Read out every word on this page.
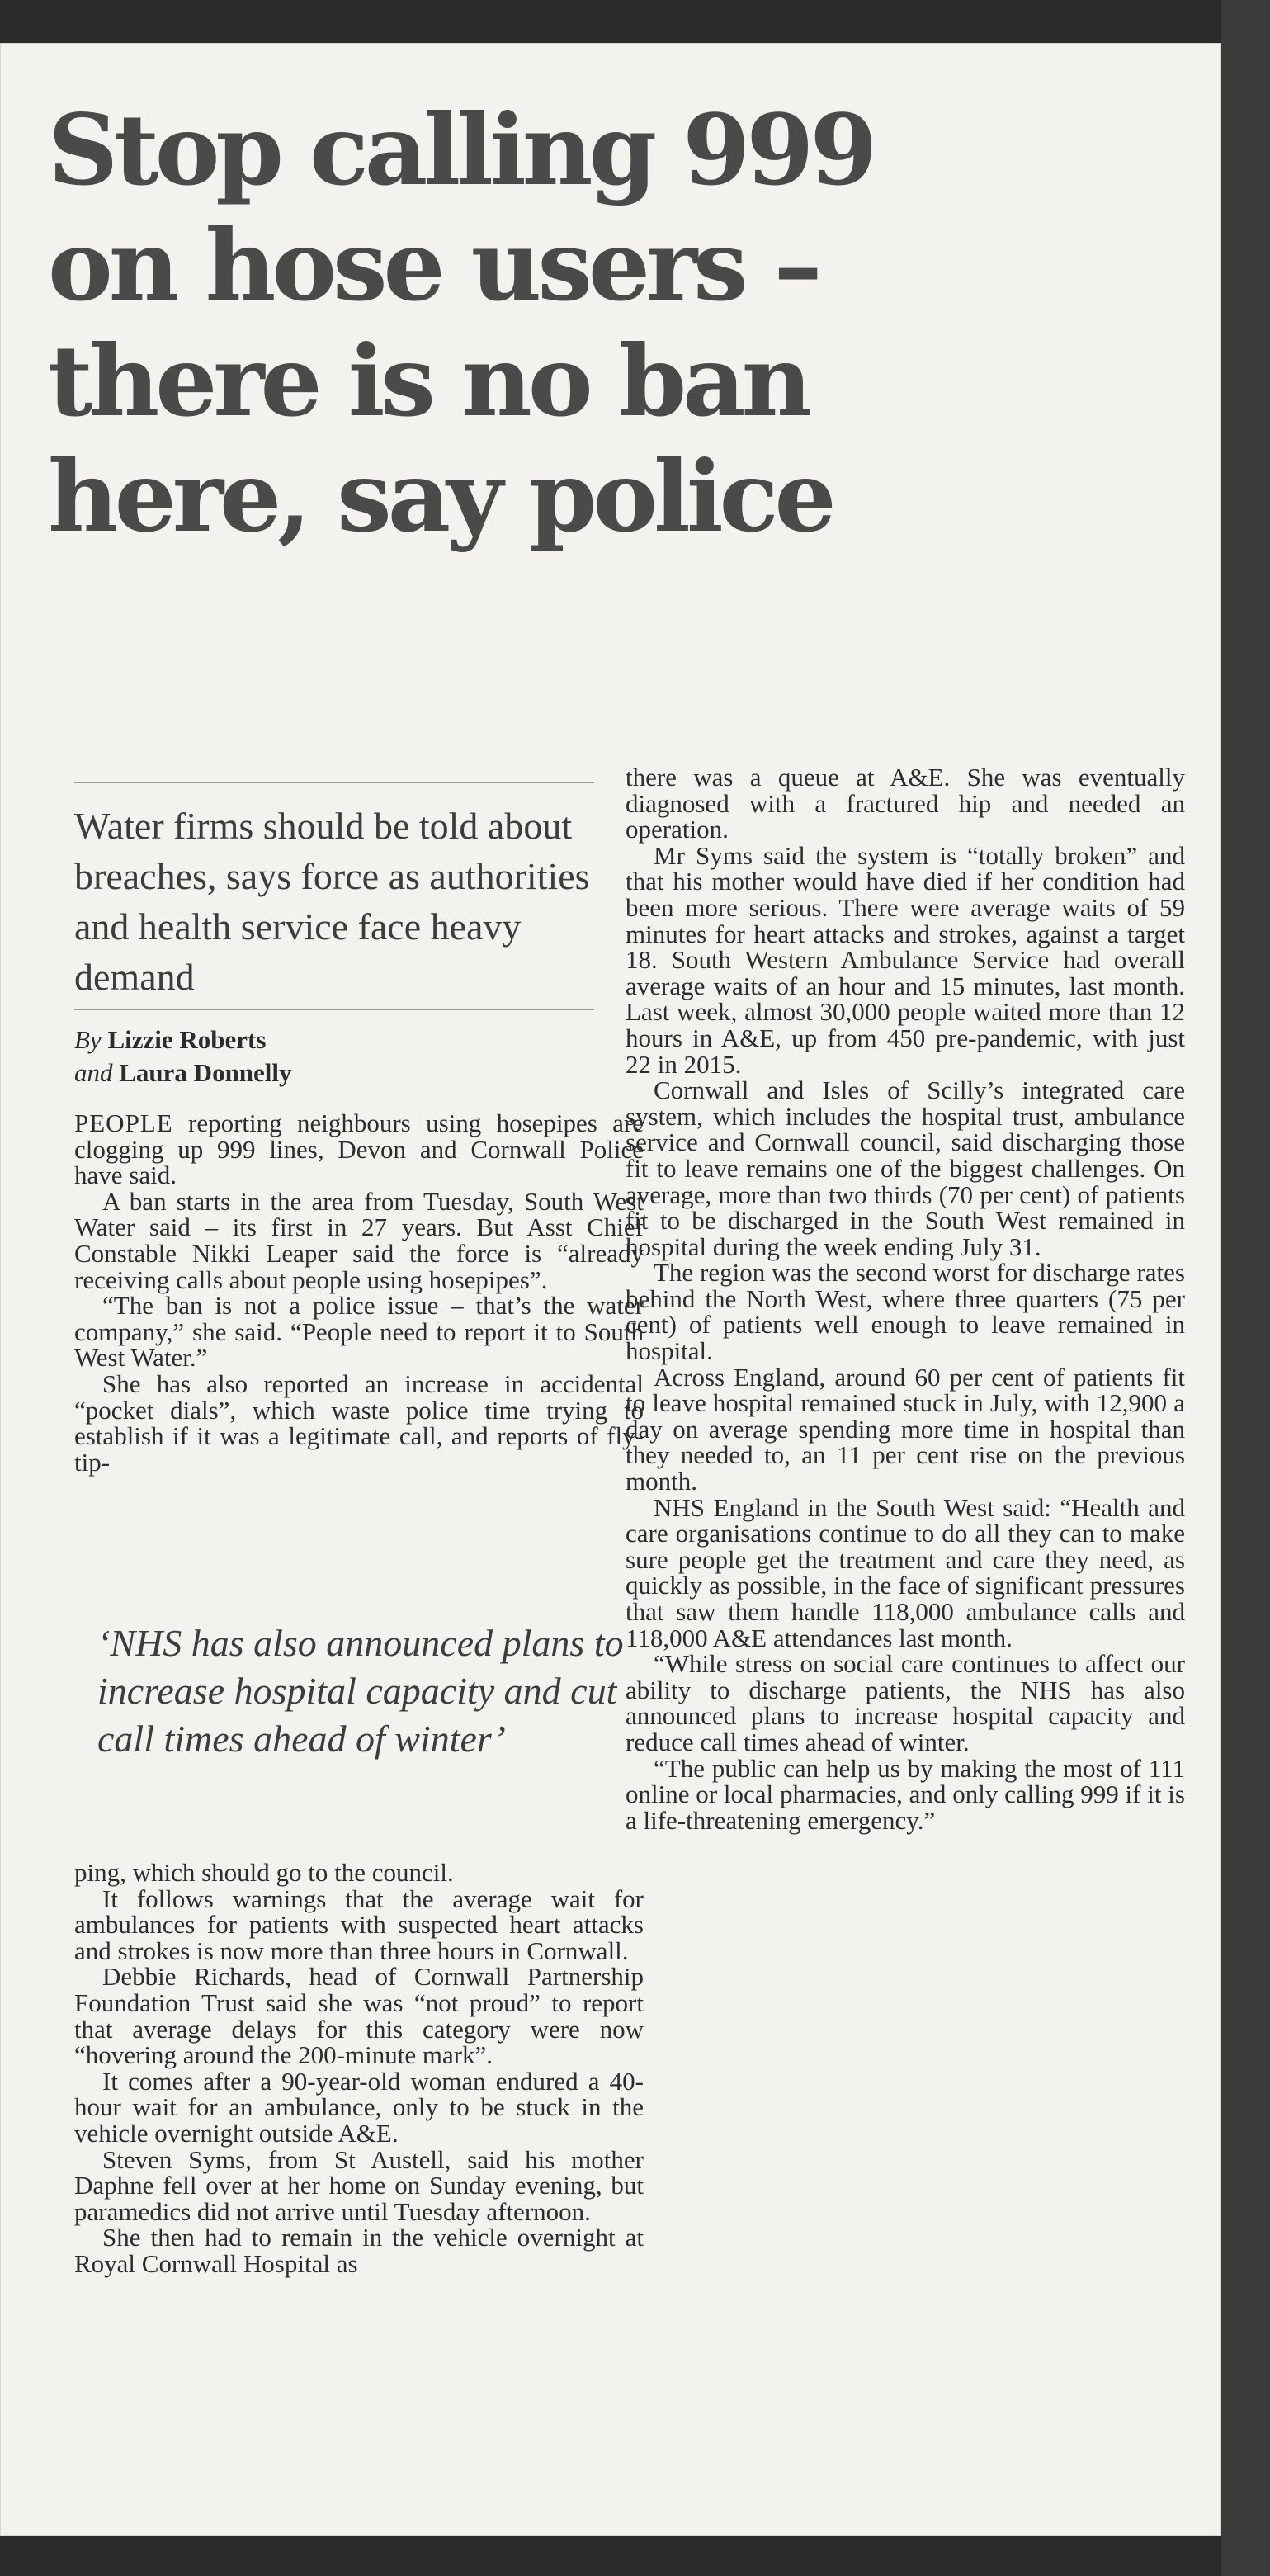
Stop calling 999
on hose users –
there is no ban
here, say police

Water firms should be told about breaches, says force as authorities and health service face heavy demand

By Lizzie Roberts
and Laura Donnelly

PEOPLE reporting neighbours using hosepipes are clogging up 999 lines, Devon and Cornwall Police have said.

A ban starts in the area from Tuesday, South West Water said – its first in 27 years. But Asst Chief Constable Nikki Leaper said the force is “already receiving calls about people using hosepipes”.

“The ban is not a police issue – that’s the water company,” she said. “People need to report it to South West Water.”

She has also reported an increase in accidental “pocket dials”, which waste police time trying to establish if it was a legitimate call, and reports of fly-tip-

‘NHS has also announced plans to increase hospital capacity and cut call times ahead of winter’

ping, which should go to the council.

It follows warnings that the average wait for ambulances for patients with suspected heart attacks and strokes is now more than three hours in Cornwall.

Debbie Richards, head of Cornwall Partnership Foundation Trust said she was “not proud” to report that average delays for this category were now “hovering around the 200-minute mark”.

It comes after a 90-year-old woman endured a 40-hour wait for an ambulance, only to be stuck in the vehicle overnight outside A&E.

Steven Syms, from St Austell, said his mother Daphne fell over at her home on Sunday evening, but paramedics did not arrive until Tuesday afternoon.

She then had to remain in the vehicle overnight at Royal Cornwall Hospital as

there was a queue at A&E. She was eventually diagnosed with a fractured hip and needed an operation.

Mr Syms said the system is “totally broken” and that his mother would have died if her condition had been more serious. There were average waits of 59 minutes for heart attacks and strokes, against a target 18. South Western Ambulance Service had overall average waits of an hour and 15 minutes, last month. Last week, almost 30,000 people waited more than 12 hours in A&E, up from 450 pre-pandemic, with just 22 in 2015.

Cornwall and Isles of Scilly’s integrated care system, which includes the hospital trust, ambulance service and Cornwall council, said discharging those fit to leave remains one of the biggest challenges. On average, more than two thirds (70 per cent) of patients fit to be discharged in the South West remained in hospital during the week ending July 31.

The region was the second worst for discharge rates behind the North West, where three quarters (75 per cent) of patients well enough to leave remained in hospital.

Across England, around 60 per cent of patients fit to leave hospital remained stuck in July, with 12,900 a day on average spending more time in hospital than they needed to, an 11 per cent rise on the previous month.

NHS England in the South West said: “Health and care organisations continue to do all they can to make sure people get the treatment and care they need, as quickly as possible, in the face of significant pressures that saw them handle 118,000 ambulance calls and 118,000 A&E attendances last month.

“While stress on social care continues to affect our ability to discharge patients, the NHS has also announced plans to increase hospital capacity and reduce call times ahead of winter.

“The public can help us by making the most of 111 online or local pharmacies, and only calling 999 if it is a life-threatening emergency.”
